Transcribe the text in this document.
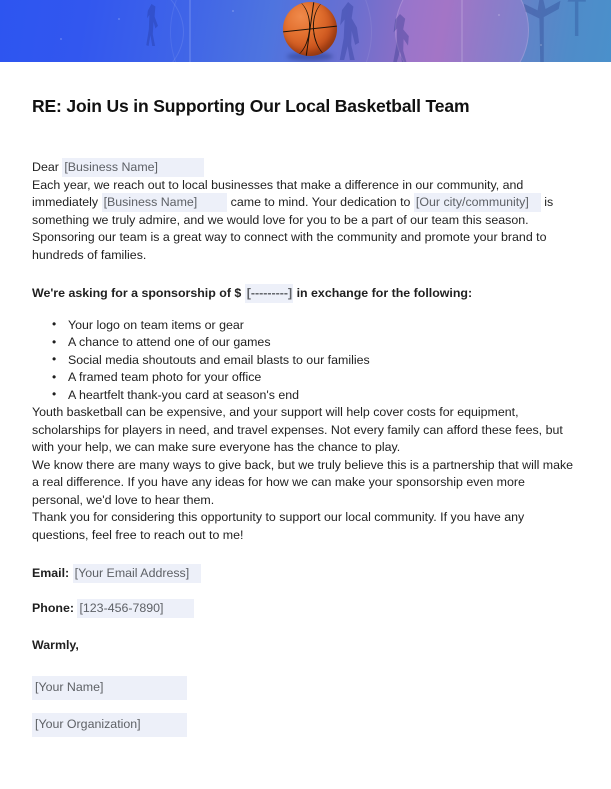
RE: Join Us in Supporting Our Local Basketball Team

Dear [Business Name]

Each year, we reach out to local businesses that make a difference in our community, and immediately [Business Name]	came to mind. Your dedication to [Our city/community] is something we truly admire, and we would love for you to be a part of our team this season.

Sponsoring our team is a great way to connect with the community and promote your brand to hundreds of families.

We're asking for a sponsorship of $ [---------] in exchange for the following:

• Your logo on team items or gear
• A chance to attend one of our games
• Social media shoutouts and email blasts to our families
• A framed team photo for your office
• A heartfelt thank-you card at season's end

Youth basketball can be expensive, and your support will help cover costs for equipment, scholarships for players in need, and travel expenses. Not every family can afford these fees, but with your help, we can make sure everyone has the chance to play.

We know there are many ways to give back, but we truly believe this is a partnership that will make a real difference. If you have any ideas for how we can make your sponsorship even more personal, we'd love to hear them.

Thank you for considering this opportunity to support our local community. If you have any questions, feel free to reach out to me!

Email: [Your Email Address]

Phone: [123-456-7890]

Warmly,

[Your Name]

[Your Organization]
